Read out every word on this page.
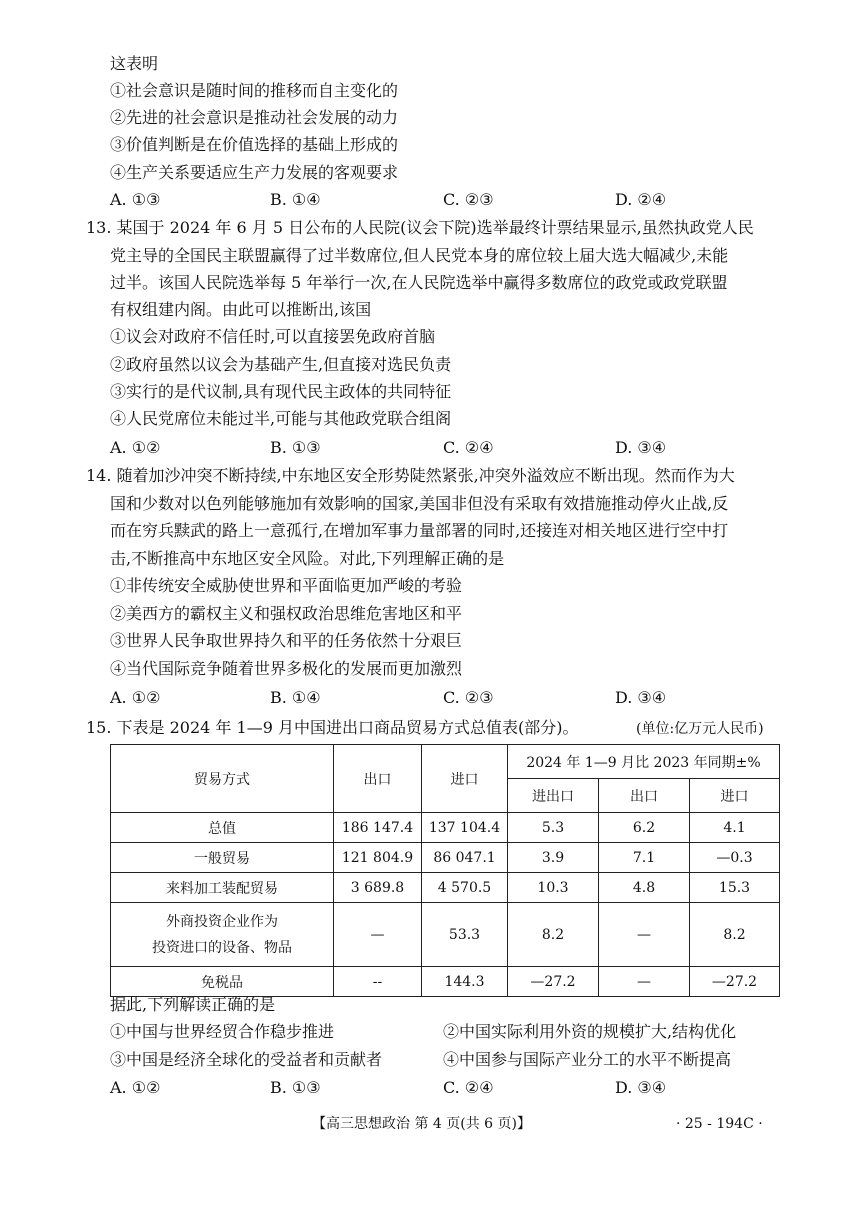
这表明
①社会意识是随时间的推移而自主变化的
②先进的社会意识是推动社会发展的动力
③价值判断是在价值选择的基础上形成的
④生产关系要适应生产力发展的客观要求
A. ①③	B. ①④	C. ②③	D. ②④
13. 某国于 2024 年 6 月 5 日公布的人民院(议会下院)选举最终计票结果显示,虽然执政党人民
党主导的全国民主联盟赢得了过半数席位,但人民党本身的席位较上届大选大幅减少,未能
过半。该国人民院选举每 5 年举行一次,在人民院选举中赢得多数席位的政党或政党联盟
有权组建内阁。由此可以推断出,该国
①议会对政府不信任时,可以直接罢免政府首脑
②政府虽然以议会为基础产生,但直接对选民负责
③实行的是代议制,具有现代民主政体的共同特征
④人民党席位未能过半,可能与其他政党联合组阁
A. ①②	B. ①③	C. ②④	D. ③④
14. 随着加沙冲突不断持续,中东地区安全形势陡然紧张,冲突外溢效应不断出现。然而作为大
国和少数对以色列能够施加有效影响的国家,美国非但没有采取有效措施推动停火止战,反
而在穷兵黩武的路上一意孤行,在增加军事力量部署的同时,还接连对相关地区进行空中打
击,不断推高中东地区安全风险。对此,下列理解正确的是
①非传统安全威胁使世界和平面临更加严峻的考验
②美西方的霸权主义和强权政治思维危害地区和平
③世界人民争取世界持久和平的任务依然十分艰巨
④当代国际竞争随着世界多极化的发展而更加激烈
A. ①②	B. ①④	C. ②③	D. ③④
15. 下表是 2024 年 1—9 月中国进出口商品贸易方式总值表(部分)。	(单位:亿万元人民币)
贸易方式	出口	进口	2024 年 1—9 月比 2023 年同期±%		
			进出口	出口	进口
总值	186 147.4	137 104.4	5.3	6.2	4.1
一般贸易	121 804.9	86 047.1	3.9	7.1	—0.3
来料加工装配贸易	3 689.8	4 570.5	10.3	4.8	15.3
外商投资企业作为
投资进口的设备、物品	—	53.3	8.2	—	8.2
免税品	--	144.3	—27.2	—	—27.2
据此,下列解读正确的是
①中国与世界经贸合作稳步推进	②中国实际利用外资的规模扩大,结构优化
③中国是经济全球化的受益者和贡献者	④中国参与国际产业分工的水平不断提高
A. ①②	B. ①③	C. ②④	D. ③④
【高三思想政治 第 4 页(共 6 页)】	· 25 - 194C ·
